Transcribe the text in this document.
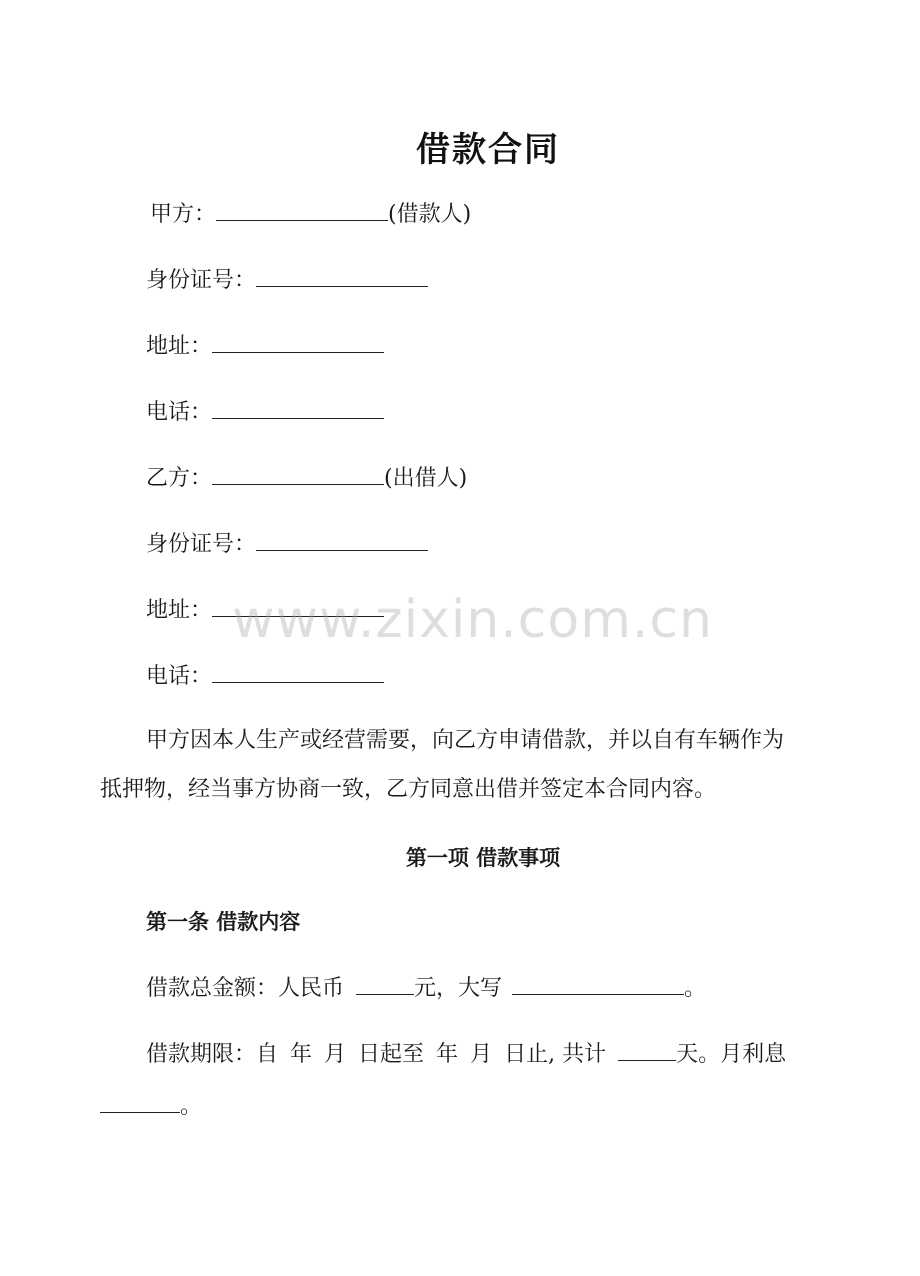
借款合同
甲方：	(借款人)
身份证号：
地址：
电话：
乙方：	(出借人)
身份证号：
地址：
电话：
甲方因本人生产或经营需要，向乙方申请借款，并以自有车辆作为
抵押物，经当事方协商一致，乙方同意出借并签定本合同内容。
第一项 借款事项
第一条 借款内容
借款总金额：人民币	元，大写	。
借款期限：自 年 月 日起至 年 月 日止, 共计	天。月利息
。
www.zixin.com.cn
